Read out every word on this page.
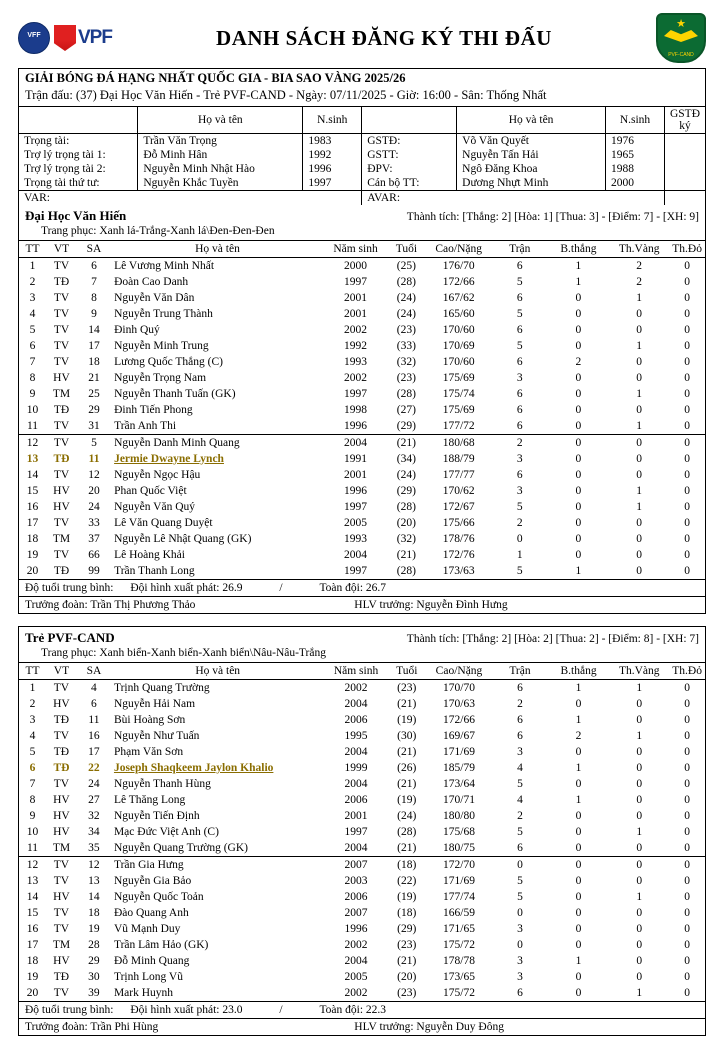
VFF
VPF	DANH SÁCH ĐĂNG KÝ THI ĐẤU
★
PVF-CAND
GIẢI BÓNG ĐÁ HẠNG NHẤT QUỐC GIA - BIA SAO VÀNG 2025/26
Trận đấu: (37) Đại Học Văn Hiến - Trẻ PVF-CAND - Ngày: 07/11/2025 - Giờ: 16:00 - Sân: Thống Nhất
	Họ và tên	N.sinh		Họ và tên	N.sinh	GSTĐ ký
Trọng tài:	Trần Văn Trọng	1983	GSTĐ:	Võ Văn Quyết	1976	
Trợ lý trọng tài 1:	Đỗ Minh Hân	1992	GSTT:	Nguyễn Tấn Hải	1965	
Trợ lý trọng tài 2:	Nguyễn Minh Nhật Hào	1996	ĐPV:	Ngô Đăng Khoa	1988	
Trọng tài thứ tư:	Nguyễn Khắc Tuyền	1997	Cán bộ TT:	Dương Nhựt Minh	2000	
VAR:			AVAR:			
Đại Học Văn Hiến	Thành tích: [Thắng: 2] [Hòa: 1] [Thua: 3] - [Điểm: 7] - [XH: 9]
Trang phục: Xanh lá-Trắng-Xanh lá\Đen-Đen-Đen
TT	VT	SA	Họ và tên	Năm sinh	Tuổi	Cao/Nặng	Trận	B.thắng	Th.Vàng	Th.Đỏ
1	TV	6	Lê Vương Minh Nhất	2000	(25)	176/70	6	1	2	0
2	TĐ	7	Đoàn Cao Danh	1997	(28)	172/66	5	1	2	0
3	TV	8	Nguyễn Văn Dân	2001	(24)	167/62	6	0	1	0
4	TV	9	Nguyễn Trung Thành	2001	(24)	165/60	5	0	0	0
5	TV	14	Đinh Quý	2002	(23)	170/60	6	0	0	0
6	TV	17	Nguyễn Minh Trung	1992	(33)	170/69	5	0	1	0
7	TV	18	Lương Quốc Thắng (C)	1993	(32)	170/60	6	2	0	0
8	HV	21	Nguyễn Trọng Nam	2002	(23)	175/69	3	0	0	0
9	TM	25	Nguyễn Thanh Tuấn (GK)	1997	(28)	175/74	6	0	1	0
10	TĐ	29	Đinh Tiến Phong	1998	(27)	175/69	6	0	0	0
11	TV	31	Trần Anh Thi	1996	(29)	177/72	6	0	1	0

12	TV	5	Nguyễn Danh Minh Quang	2004	(21)	180/68	2	0	0	0
13	TĐ	11	Jermie Dwayne Lynch	1991	(34)	188/79	3	0	0	0
14	TV	12	Nguyễn Ngọc Hậu	2001	(24)	177/77	6	0	0	0
15	HV	20	Phan Quốc Việt	1996	(29)	170/62	3	0	1	0
16	HV	24	Nguyễn Văn Quý	1997	(28)	172/67	5	0	1	0
17	TV	33	Lê Văn Quang Duyệt	2005	(20)	175/66	2	0	0	0
18	TM	37	Nguyễn Lê Nhật Quang (GK)	1993	(32)	178/76	0	0	0	0
19	TV	66	Lê Hoàng Khải	2004	(21)	172/76	1	0	0	0
20	TĐ	99	Trần Thanh Long	1997	(28)	173/63	5	1	0	0
Độ tuổi trung bình: Đội hình xuất phát: 26.9	/	Toàn đội: 26.7
Trưởng đoàn: Trần Thị Phương Thảo	HLV trưởng: Nguyễn Đình Hưng
Trẻ PVF-CAND	Thành tích: [Thắng: 2] [Hòa: 2] [Thua: 2] - [Điểm: 8] - [XH: 7]
Trang phục: Xanh biển-Xanh biển-Xanh biển\Nâu-Nâu-Trắng
TT	VT	SA	Họ và tên	Năm sinh	Tuổi	Cao/Nặng	Trận	B.thắng	Th.Vàng	Th.Đỏ
1	TV	4	Trịnh Quang Trường	2002	(23)	170/70	6	1	1	0
2	HV	6	Nguyễn Hải Nam	2004	(21)	170/63	2	0	0	0
3	TĐ	11	Bùi Hoàng Sơn	2006	(19)	172/66	6	1	0	0
4	TV	16	Nguyễn Như Tuấn	1995	(30)	169/67	6	2	1	0
5	TĐ	17	Phạm Văn Sơn	2004	(21)	171/69	3	0	0	0
6	TĐ	22	Joseph Shaqkeem Jaylon Khalio	1999	(26)	185/79	4	1	0	0
7	TV	24	Nguyễn Thanh Hùng	2004	(21)	173/64	5	0	0	0
8	HV	27	Lê Thăng Long	2006	(19)	170/71	4	1	0	0
9	HV	32	Nguyễn Tiến Định	2001	(24)	180/80	2	0	0	0
10	HV	34	Mạc Đức Việt Anh (C)	1997	(28)	175/68	5	0	1	0
11	TM	35	Nguyễn Quang Trường (GK)	2004	(21)	180/75	6	0	0	0

12	TV	12	Trần Gia Hưng	2007	(18)	172/70	0	0	0	0
13	TV	13	Nguyễn Gia Bảo	2003	(22)	171/69	5	0	0	0
14	HV	14	Nguyễn Quốc Toản	2006	(19)	177/74	5	0	1	0
15	TV	18	Đào Quang Anh	2007	(18)	166/59	0	0	0	0
16	TV	19	Vũ Mạnh Duy	1996	(29)	171/65	3	0	0	0
17	TM	28	Trần Lâm Hảo (GK)	2002	(23)	175/72	0	0	0	0
18	HV	29	Đỗ Minh Quang	2004	(21)	178/78	3	1	0	0
19	TĐ	30	Trịnh Long Vũ	2005	(20)	173/65	3	0	0	0
20	TV	39	Mark Huynh	2002	(23)	175/72	6	0	1	0
Độ tuổi trung bình: Đội hình xuất phát: 23.0	/	Toàn đội: 22.3
Trưởng đoàn: Trần Phi Hùng	HLV trưởng: Nguyễn Duy Đông
